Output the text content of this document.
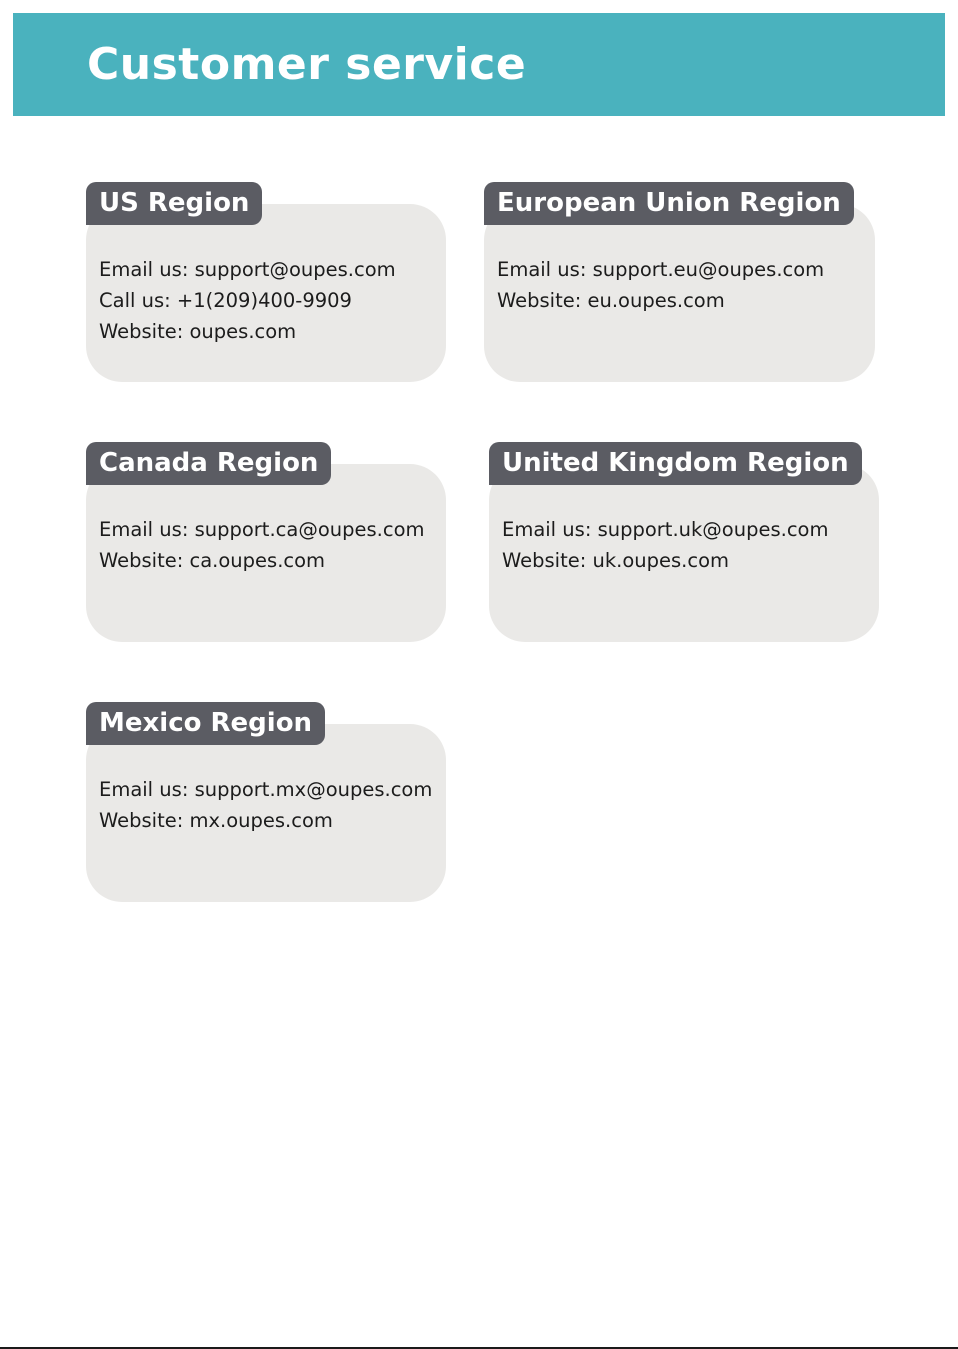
Customer service
US Region
Email us: support@oupes.com
Call us: +1(209)400-9909
Website: oupes.com
European Union Region
Email us: support.eu@oupes.com
Website: eu.oupes.com
Canada Region
Email us: support.ca@oupes.com
Website: ca.oupes.com
United Kingdom Region
Email us: support.uk@oupes.com
Website: uk.oupes.com
Mexico Region
Email us: support.mx@oupes.com
Website: mx.oupes.com
